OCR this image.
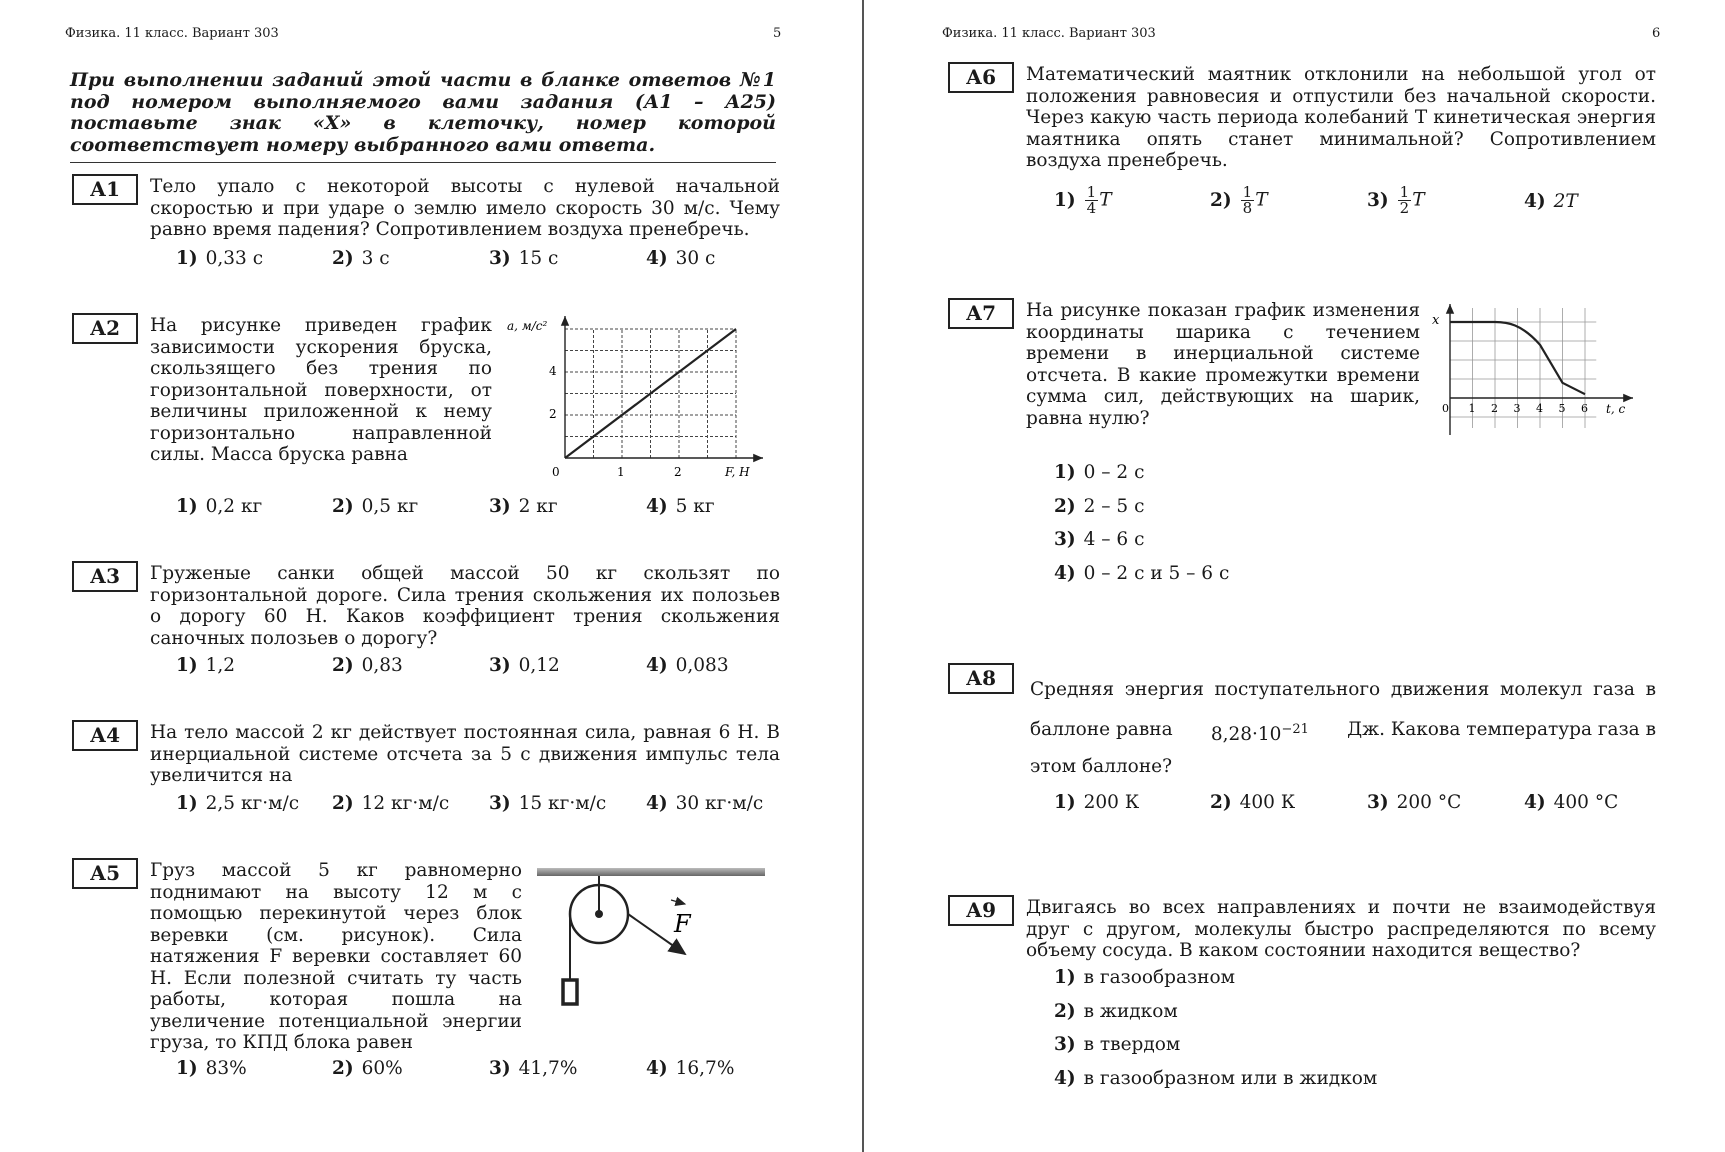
Физика. 11 класс. Вариант 303	5
При выполнении заданий этой части в бланке ответов №1 под номером выполняемого вами задания (А1 – А25) поставьте знак «Х» в клеточку, номер которой соответствует номеру выбранного вами ответа.
А1	Тело упало с некоторой высоты с нулевой начальной скоростью и при ударе о землю имело скорость 30 м/с. Чему равно время падения? Сопротивлением воздуха пренебречь.
1) 0,33 с	2) 3 с	3) 15 с	4) 30 с
А2	На рисунке приведен график зависимости ускорения бруска, скользящего без трения по горизонтальной поверхности, от величины приложенной к нему горизонтально направленной силы. Масса бруска равна
a, м/с²
0
2
4
1	2	F, Н
1) 0,2 кг	2) 0,5 кг	3) 2 кг	4) 5 кг
А3	Груженые санки общей массой 50 кг скользят по горизонтальной дороге. Сила трения скольжения их полозьев о дорогу 60 Н. Каков коэффициент трения скольжения саночных полозьев о дорогу?
1) 1,2	2) 0,83	3) 0,12	4) 0,083
А4	На тело массой 2 кг действует постоянная сила, равная 6 Н. В инерциальной системе отсчета за 5 с движения импульс тела увеличится на
1) 2,5 кг·м/с 2) 12 кг·м/с 3) 15 кг·м/с 4) 30 кг·м/с
А5	Груз массой 5 кг равномерно поднимают на высоту 12 м с помощью перекинутой через блок веревки (см. рисунок). Сила натяжения F веревки составляет 60 Н. Если полезной считать ту часть работы, которая пошла на увеличение потенциальной энергии груза, то КПД блока равен
F
1) 83%	2) 60%	3) 41,7%	4) 16,7%
Физика. 11 класс. Вариант 303	6
А6	Математический маятник отклонили на небольшой угол от положения равновесия и отпустили без начальной скорости. Через какую часть периода колебаний T кинетическая энергия маятника опять станет минимальной? Сопротивлением воздуха пренебречь.
$1) \frac{1}{4}$ T	$2) \frac{1}{8}$ T	$3) \frac{1}{2}$ T	4) 2T
А7	На рисунке показан график изменения координаты шарика с течением времени в инерциальной системе отсчета. В какие промежутки времени сумма сил, действующих на шарик, равна нулю?
x
0 1 2 3 4 5 6 t, с
1) 0 – 2 с
2) 2 – 5 с
3) 4 – 6 с
4) 0 – 2 с и 5 – 6 с
А8	Средняя энергия поступательного движения молекул газа в
баллоне равна $8,28\cdot 10^{-21}$ Дж. Какова температура газа в
этом баллоне?
1) 200 К	2) 400 К	3) 200 °С	4) 400 °С
А9	Двигаясь во всех направлениях и почти не взаимодействуя друг с другом, молекулы быстро распределяются по всему объему сосуда. В каком состоянии находится вещество?
1) в газообразном
2) в жидком
3) в твердом
4) в газообразном или в жидком
